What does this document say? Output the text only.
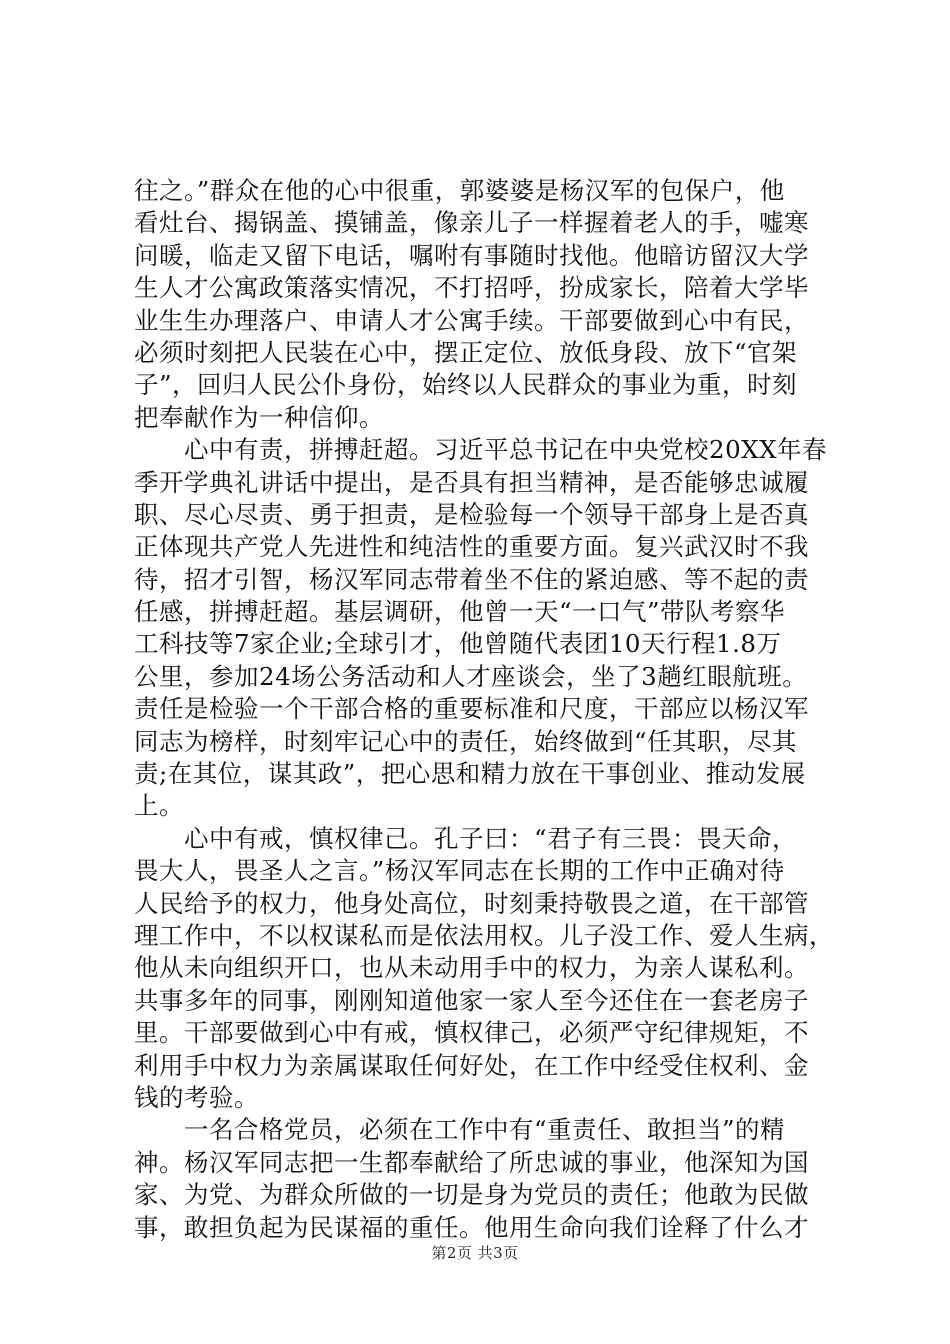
往之。”群众在他的心中很重，郭婆婆是杨汉军的包保户，他
看灶台、揭锅盖、摸铺盖，像亲儿子一样握着老人的手，嘘寒
问暖，临走又留下电话，嘱咐有事随时找他。他暗访留汉大学
生人才公寓政策落实情况，不打招呼，扮成家长，陪着大学毕
业生生办理落户、申请人才公寓手续。干部要做到心中有民，
必须时刻把人民装在心中，摆正定位、放低身段、放下“官架
子”，回归人民公仆身份，始终以人民群众的事业为重，时刻
把奉献作为一种信仰。

　　心中有责，拼搏赶超。习近平总书记在中央党校20XX年春
季开学典礼讲话中提出，是否具有担当精神，是否能够忠诚履
职、尽心尽责、勇于担责，是检验每一个领导干部身上是否真
正体现共产党人先进性和纯洁性的重要方面。复兴武汉时不我
待，招才引智，杨汉军同志带着坐不住的紧迫感、等不起的责
任感，拼搏赶超。基层调研，他曾一天“一口气”带队考察华
工科技等7家企业;全球引才，他曾随代表团10天行程1.8万
公里，参加24场公务活动和人才座谈会，坐了3趟红眼航班。
责任是检验一个干部合格的重要标准和尺度，干部应以杨汉军
同志为榜样，时刻牢记心中的责任，始终做到“任其职，尽其
责;在其位，谋其政”，把心思和精力放在干事创业、推动发展
上。

　　心中有戒，慎权律己。孔子曰：“君子有三畏：畏天命，
畏大人，畏圣人之言。”杨汉军同志在长期的工作中正确对待
人民给予的权力，他身处高位，时刻秉持敬畏之道，在干部管
理工作中，不以权谋私而是依法用权。儿子没工作、爱人生病，
他从未向组织开口，也从未动用手中的权力，为亲人谋私利。
共事多年的同事，刚刚知道他家一家人至今还住在一套老房子
里。干部要做到心中有戒，慎权律己，必须严守纪律规矩，不
利用手中权力为亲属谋取任何好处，在工作中经受住权利、金
钱的考验。

　　一名合格党员，必须在工作中有“重责任、敢担当”的精
神。杨汉军同志把一生都奉献给了所忠诚的事业，他深知为国
家、为党、为群众所做的一切是身为党员的责任；他敢为民做
事，敢担负起为民谋福的重任。他用生命向我们诠释了什么才

第2页 共3页
